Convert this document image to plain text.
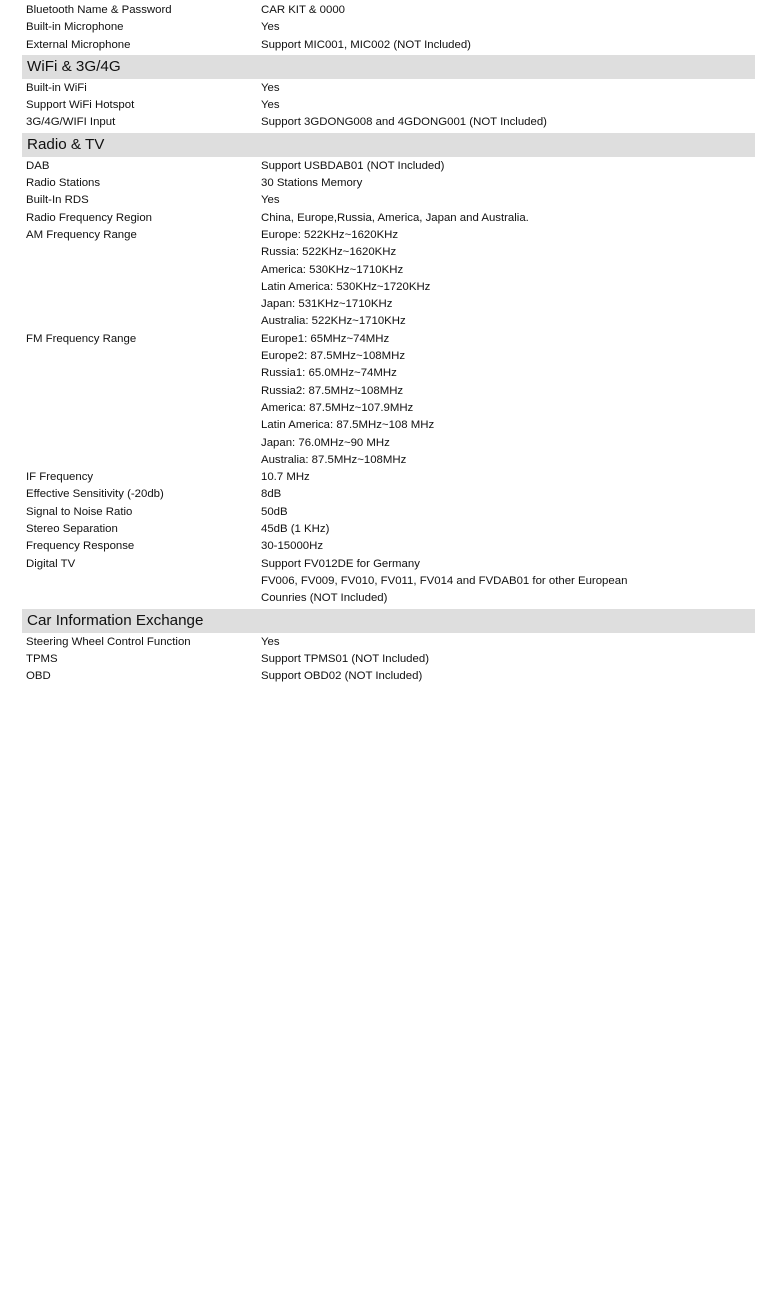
Bluetooth Name & Password	CAR KIT & 0000
Built-in Microphone	Yes
External Microphone	Support MIC001, MIC002 (NOT Included)
WiFi & 3G/4G
Built-in WiFi	Yes
Support WiFi Hotspot	Yes
3G/4G/WIFI Input	Support 3GDONG008 and 4GDONG001 (NOT Included)
Radio & TV
DAB	Support USBDAB01 (NOT Included)
Radio Stations	30 Stations Memory
Built-In RDS	Yes
Radio Frequency Region	China, Europe,Russia, America, Japan and Australia.
AM Frequency Range	Europe: 522KHz~1620KHz
Russia: 522KHz~1620KHz
America: 530KHz~1710KHz
Latin America: 530KHz~1720KHz
Japan: 531KHz~1710KHz
Australia: 522KHz~1710KHz
FM Frequency Range	Europe1: 65MHz~74MHz
Europe2: 87.5MHz~108MHz
Russia1: 65.0MHz~74MHz
Russia2: 87.5MHz~108MHz
America: 87.5MHz~107.9MHz
Latin America: 87.5MHz~108 MHz
Japan: 76.0MHz~90 MHz
Australia: 87.5MHz~108MHz
IF Frequency	10.7 MHz
Effective Sensitivity (-20db)	8dB
Signal to Noise Ratio	50dB
Stereo Separation	45dB (1 KHz)
Frequency Response	30-15000Hz
Digital TV	Support FV012DE for Germany
FV006, FV009, FV010, FV011, FV014 and FVDAB01 for other European
Counries (NOT Included)
Car Information Exchange
Steering Wheel Control Function	Yes
TPMS	Support TPMS01 (NOT Included)
OBD	Support OBD02 (NOT Included)
